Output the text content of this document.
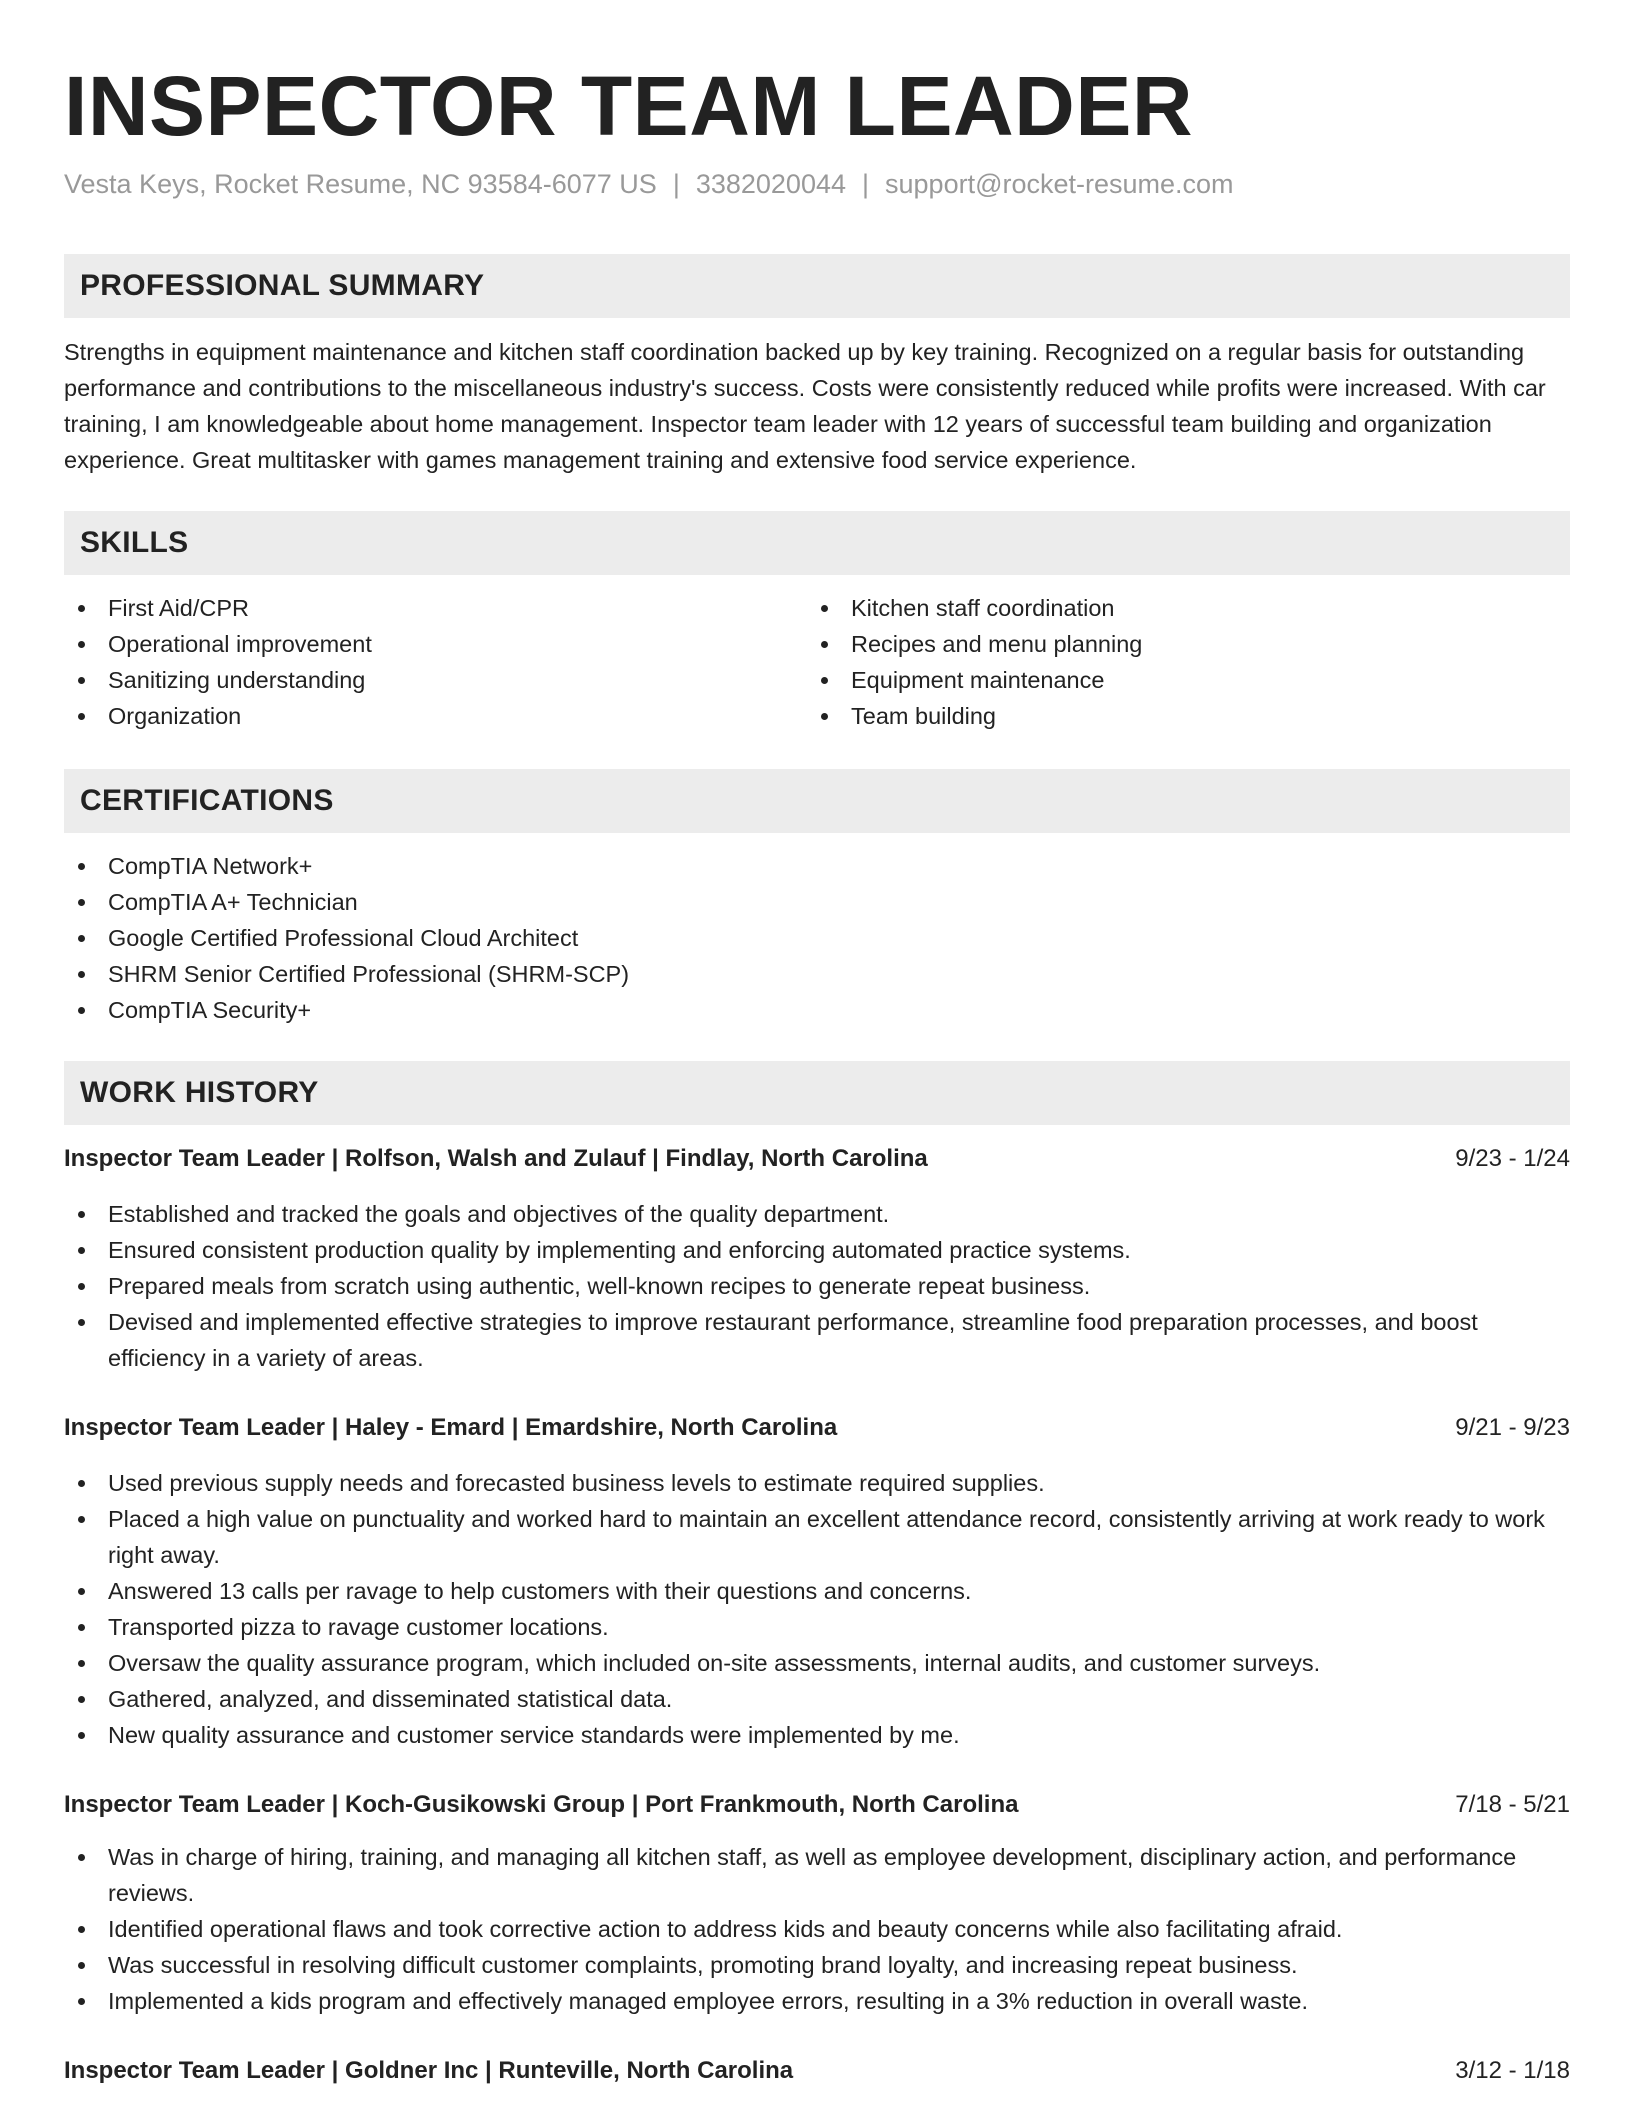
INSPECTOR TEAM LEADER
Vesta Keys, Rocket Resume, NC 93584-6077 US | 3382020044 | support@rocket-resume.com
PROFESSIONAL SUMMARY

Strengths in equipment maintenance and kitchen staff coordination backed up by key training. Recognized on a regular basis for outstanding performance and contributions to the miscellaneous industry's success. Costs were consistently reduced while profits were increased. With car training, I am knowledgeable about home management. Inspector team leader with 12 years of successful team building and organization experience. Great multitasker with games management training and extensive food service experience.

SKILLS
First Aid/CPR
Operational improvement
Sanitizing understanding
Organization
Kitchen staff coordination
Recipes and menu planning
Equipment maintenance
Team building
CERTIFICATIONS
CompTIA Network+
CompTIA A+ Technician
Google Certified Professional Cloud Architect
SHRM Senior Certified Professional (SHRM-SCP)
CompTIA Security+
WORK HISTORY
Inspector Team Leader | Rolfson, Walsh and Zulauf | Findlay, North Carolina	9/23 - 1/24
Established and tracked the goals and objectives of the quality department.
Ensured consistent production quality by implementing and enforcing automated practice systems.
Prepared meals from scratch using authentic, well-known recipes to generate repeat business.
Devised and implemented effective strategies to improve restaurant performance, streamline food preparation processes, and boost efficiency in a variety of areas.
Inspector Team Leader | Haley - Emard | Emardshire, North Carolina	9/21 - 9/23
Used previous supply needs and forecasted business levels to estimate required supplies.
Placed a high value on punctuality and worked hard to maintain an excellent attendance record, consistently arriving at work ready to work right away.
Answered 13 calls per ravage to help customers with their questions and concerns.
Transported pizza to ravage customer locations.
Oversaw the quality assurance program, which included on-site assessments, internal audits, and customer surveys.
Gathered, analyzed, and disseminated statistical data.
New quality assurance and customer service standards were implemented by me.
Inspector Team Leader | Koch-Gusikowski Group | Port Frankmouth, North Carolina	7/18 - 5/21
Was in charge of hiring, training, and managing all kitchen staff, as well as employee development, disciplinary action, and performance reviews.
Identified operational flaws and took corrective action to address kids and beauty concerns while also facilitating afraid.
Was successful in resolving difficult customer complaints, promoting brand loyalty, and increasing repeat business.
Implemented a kids program and effectively managed employee errors, resulting in a 3% reduction in overall waste.
Inspector Team Leader | Goldner Inc | Runteville, North Carolina	3/12 - 1/18
